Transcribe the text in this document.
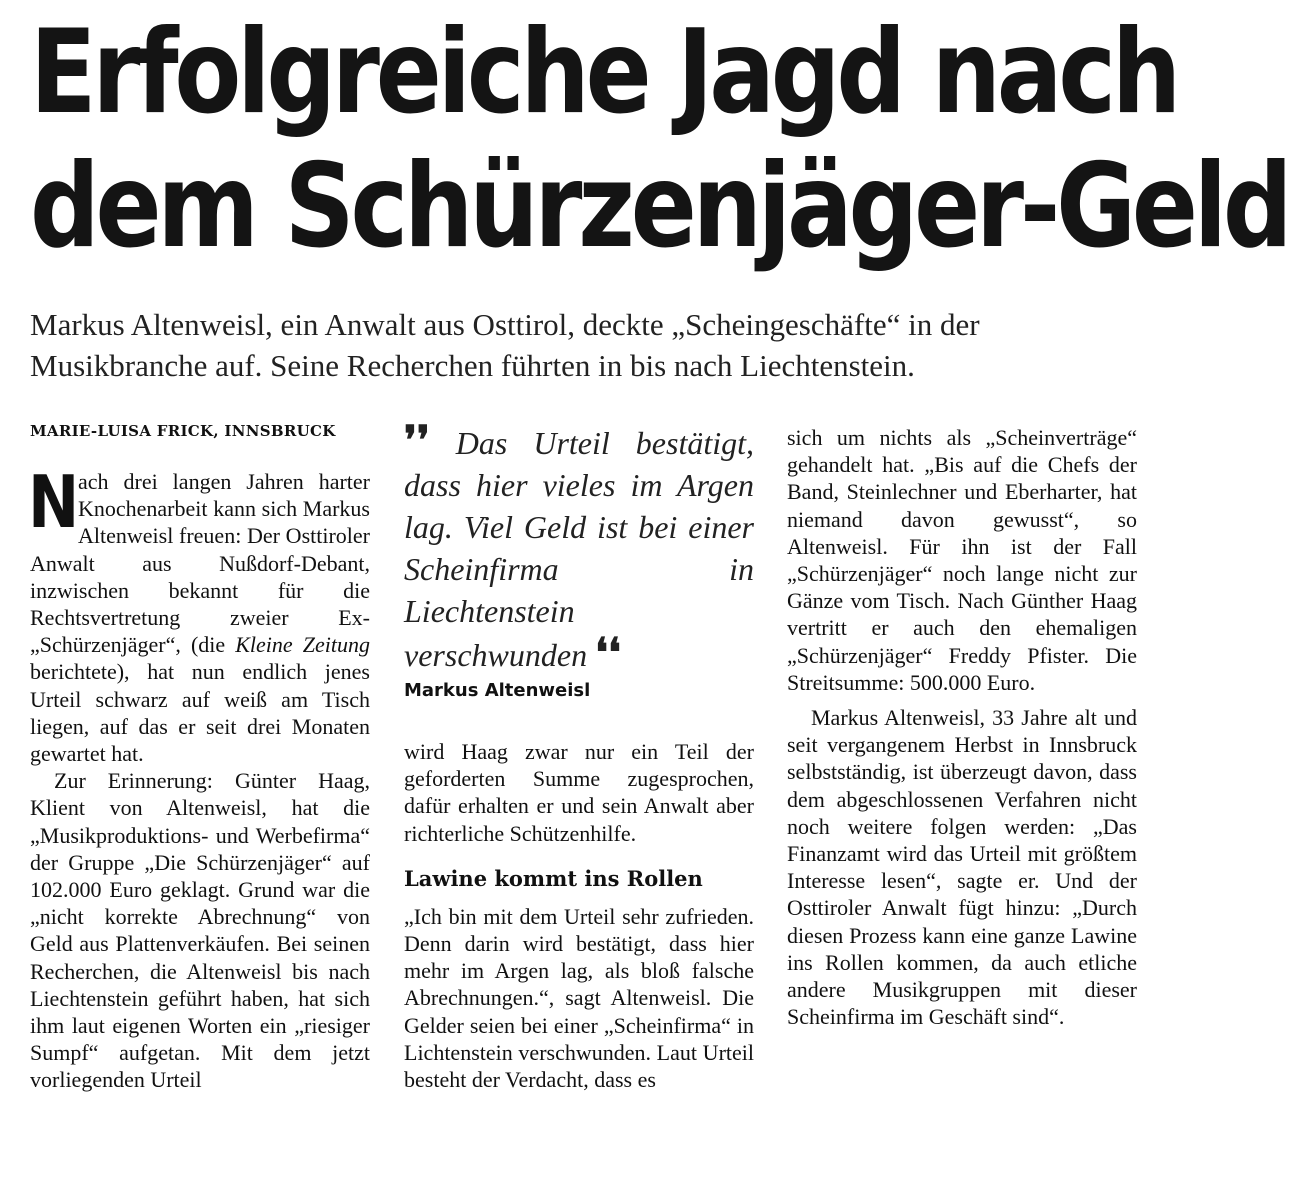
Erfolgreiche Jagd nach
dem Schürzenjäger-Geld
Markus Altenweisl, ein Anwalt aus Osttirol, deckte „Scheingeschäfte“ in der Musikbranche auf. Seine Recherchen führten in bis nach Liechtenstein.
MARIE-LUISA FRICK, INNSBRUCK

N
ach drei langen Jahren harter Knochenarbeit kann sich Markus Altenweisl freuen: Der Osttiroler Anwalt aus Nußdorf-Debant, inzwischen bekannt für die Rechtsvertretung zweier Ex-„Schürzenjäger“, (die Kleine Zeitung berichtete), hat nun endlich jenes Urteil schwarz auf weiß am Tisch liegen, auf das er seit drei Monaten gewartet hat.

Zur Erinnerung: Günter Haag, Klient von Altenweisl, hat die „Musikproduktions- und Werbefirma“ der Gruppe „Die Schürzenjäger“ auf 102.000 Euro geklagt. Grund war die „nicht korrekte Abrechnung“ von Geld aus Plattenverkäufen. Bei seinen Recherchen, die Altenweisl bis nach Liechtenstein geführt haben, hat sich ihm laut eigenen Worten ein „riesiger Sumpf“ aufgetan. Mit dem jetzt vorliegenden Urteil

❜❜ Das Urteil bestätigt, dass hier vieles im Argen lag. Viel Geld ist bei einer Scheinfirma in Liechtenstein verschwunden ❛❛

Markus Altenweisl

wird Haag zwar nur ein Teil der geforderten Summe zugesprochen, dafür erhalten er und sein Anwalt aber richterliche Schützenhilfe.

Lawine kommt ins Rollen

„Ich bin mit dem Urteil sehr zufrieden. Denn darin wird bestätigt, dass hier mehr im Argen lag, als bloß falsche Abrechnungen.“, sagt Altenweisl. Die Gelder seien bei einer „Scheinfirma“ in Lichtenstein verschwunden. Laut Urteil besteht der Verdacht, dass es

sich um nichts als „Scheinverträge“ gehandelt hat. „Bis auf die Chefs der Band, Steinlechner und Eberharter, hat niemand davon gewusst“, so Altenweisl. Für ihn ist der Fall „Schürzenjäger“ noch lange nicht zur Gänze vom Tisch. Nach Günther Haag vertritt er auch den ehemaligen „Schürzenjäger“ Freddy Pfister. Die Streitsumme: 500.000 Euro.

Markus Altenweisl, 33 Jahre alt und seit vergangenem Herbst in Innsbruck selbstständig, ist überzeugt davon, dass dem abgeschlossenen Verfahren nicht noch weitere folgen werden: „Das Finanzamt wird das Urteil mit größtem Interesse lesen“, sagte er. Und der Osttiroler Anwalt fügt hinzu: „Durch diesen Prozess kann eine ganze Lawine ins Rollen kommen, da auch etliche andere Musikgruppen mit dieser Scheinfirma im Geschäft sind“.
